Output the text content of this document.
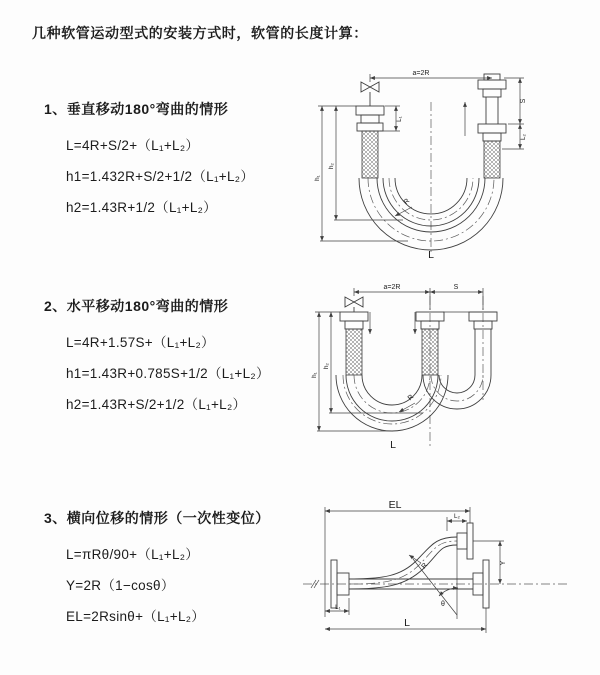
几种软管运动型式的安装方式时，软管的长度计算：
1、垂直移动180°弯曲的情形
L=4R+S/2+（L₁+L₂）
h1=1.432R+S/2+1/2（L₁+L₂）
h2=1.43R+1/2（L₁+L₂）
2、水平移动180°弯曲的情形
L=4R+1.57S+（L₁+L₂）
h1=1.43R+0.785S+1/2（L₁+L₂）
h2=1.43R+S/2+1/2（L₁+L₂）
3、横向位移的情形（一次性变位）
L=πRθ/90+（L₁+L₂）
Y=2R（1−cosθ）
EL=2Rsinθ+（L₁+L₂）
a=2R
S
L₂
h₁
h₂
L₁
R
L
a=2R	S
h₁
h₂
R
L
EL
L₂
Y
θ
R
L₁
L
